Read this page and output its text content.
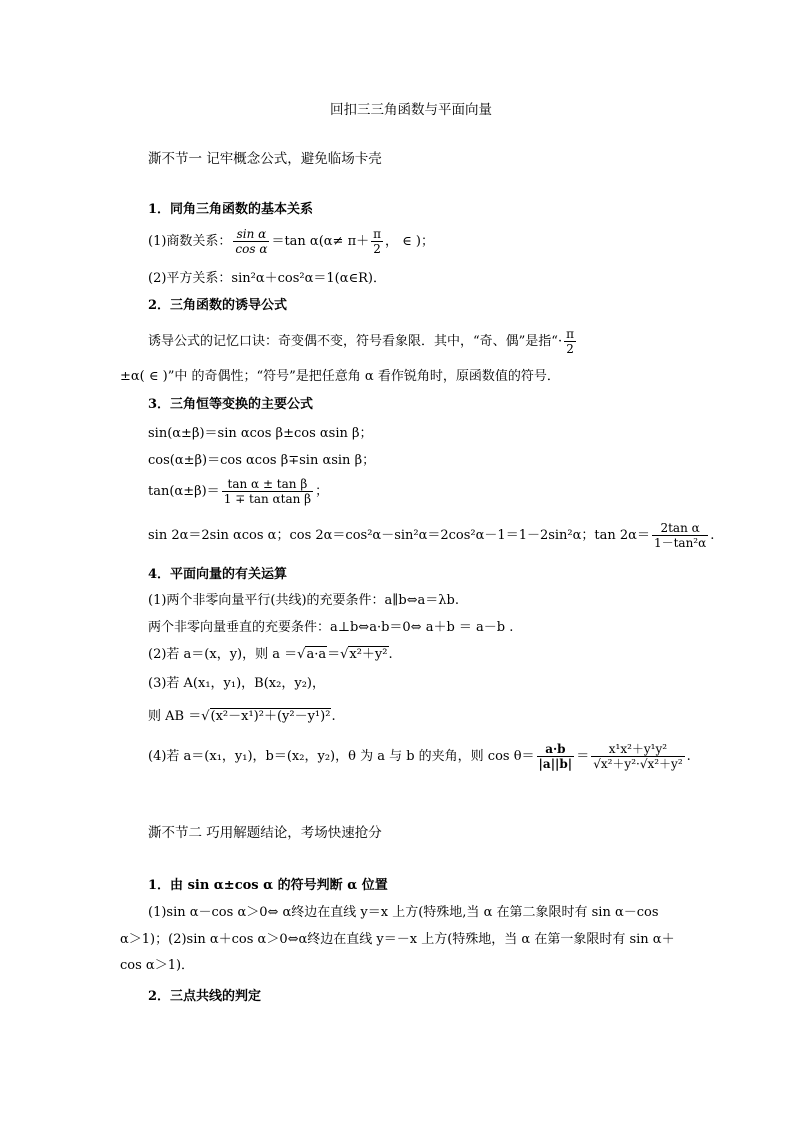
回扣三三角函数与平面向量
澌不节一 记牢概念公式，避免临场卡壳
1．同角三角函数的基本关系
(1)商数关系： $\frac{\text{sin α}}{\text{cos α}} =\tan$ $\alpha(\alpha\ne \pi+ \frac{\pi}{2}$ ， ∈ )；
(2)平方关系：sin²α＋cos²α＝1(α∈R)．
2．三角函数的诱导公式
诱导公式的记忆口诀：奇变偶不变，符号看象限．其中，“奇、偶”是指“· $\frac{\pi}{2}$
±α( ∈ )”中 的奇偶性；“符号”是把任意角 α 看作锐角时，原函数值的符号．
3．三角恒等变换的主要公式
sin(α±β)＝sin αcos β±cos αsin β；
cos(α±β)＝cos αcos β∓sin αsin β；
$\tan(\alpha\pm\beta)= \frac{\text{tan α ± tan β}}{\text{1 ∓ tan αtan β}}$ ；
sin 2α＝2sin αcos α；cos 2α＝cos²α－sin²α＝2cos²α－1＝1－2sin²α；$\tan 2\alpha= \frac{\text{2tan α}}{\text{1－tan²α}}$ .
4．平面向量的有关运算
(1)两个非零向量平行(共线)的充要条件：a∥b⇔a＝λb.
两个非零向量垂直的充要条件：a⊥b⇔a·b＝0⇔ a＋b ＝ a－b .
(2)若 a＝(x，y)，则 a ＝√a·a＝√x²＋y².
(3)若 A(x₁，y₁)，B(x₂，y₂)，
则 AB ＝√(x²－x¹)²＋(y²－y¹)².
(4)若 a＝(x₁，y₁)，b＝(x₂，y₂)，θ 为 a 与 b 的夹角，则 $\cos \theta= \frac{a\cdot b}{|a||b|} = \frac{\text{x¹x²＋y¹y²}}{\text{√x²＋y²·√x²＋y²}}$ .
澌不节二 巧用解题结论，考场快速抢分
1．由 sin α±cos α 的符号判断 α 位置
(1)sin α－cos α＞0⇔ α终边在直线 y＝x 上方(特殊地,当 α 在第二象限时有 sin α－cos
α＞1)；(2)sin α＋cos α＞0⇔α终边在直线 y＝－x 上方(特殊地，当 α 在第一象限时有 sin α＋
cos α＞1)．
2．三点共线的判定
